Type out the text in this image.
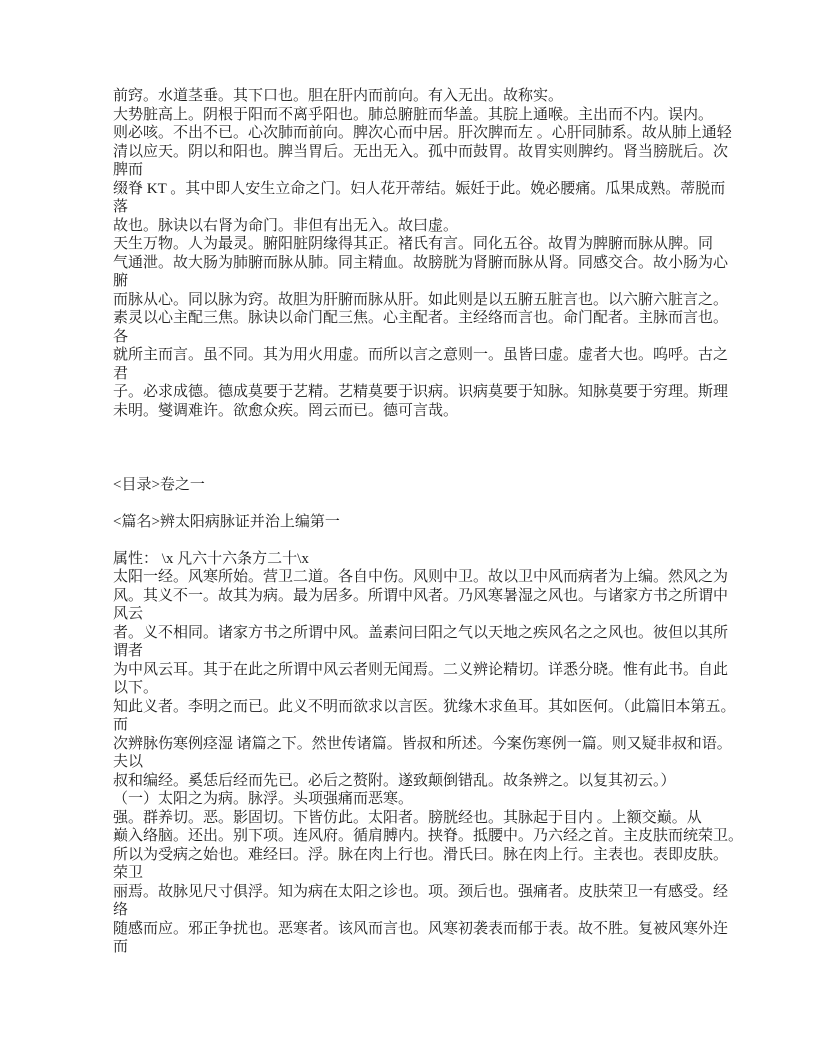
前窍。水道茎垂。其下口也。胆在肝内而前向。有入无出。故称实。
大势脏高上。阴根于阳而不离乎阳也。肺总腑脏而华盖。其脘上通喉。主出而不内。误内。
则必咳。不出不已。心次肺而前向。脾次心而中居。肝次脾而左 。心肝同肺系。故从肺上通轻
清以应天。阴以和阳也。脾当胃后。无出无入。孤中而鼓胃。故胃实则脾约。肾当膀胱后。次
脾而
缀脊 KT 。其中即人安生立命之门。妇人花开蒂结。娠妊于此。娩必腰痛。瓜果成熟。蒂脱而
落
故也。脉诀以右肾为命门。非但有出无入。故曰虚。
天生万物。人为最灵。腑阳脏阴缘得其正。褚氏有言。同化五谷。故胃为脾腑而脉从脾。同
气通泄。故大肠为肺腑而脉从肺。同主精血。故膀胱为肾腑而脉从肾。同感交合。故小肠为心
腑
而脉从心。同以脉为窍。故胆为肝腑而脉从肝。如此则是以五腑五脏言也。以六腑六脏言之。
素灵以心主配三焦。脉诀以命门配三焦。心主配者。主经络而言也。命门配者。主脉而言也。
各
就所主而言。虽不同。其为用火用虚。而所以言之意则一。虽皆曰虚。虚者大也。呜呼。古之
君
子。必求成德。德成莫要于艺精。艺精莫要于识病。识病莫要于知脉。知脉莫要于穷理。斯理
未明。燮调难许。欲愈众疾。罔云而已。德可言哉。
<目录>卷之一
<篇名>辨太阳病脉证并治上编第一
属性： \x 凡六十六条方二十\x
太阳一经。风寒所始。营卫二道。各自中伤。风则中卫。故以卫中风而病者为上编。然风之为
风。其义不一。故其为病。最为居多。所谓中风者。乃风寒暑湿之风也。与诸家方书之所谓中
风云
者。义不相同。诸家方书之所谓中风。盖素问曰阳之气以天地之疾风名之之风也。彼但以其所
谓者
为中风云耳。其于在此之所谓中风云者则无闻焉。二义辨论精切。详悉分晓。惟有此书。自此
以下。
知此义者。李明之而已。此义不明而欲求以言医。犹缘木求鱼耳。其如医何。（此篇旧本第五。
而
次辨脉伤寒例痉湿 诸篇之下。然世传诸篇。皆叔和所述。今案伤寒例一篇。则又疑非叔和语。
夫以
叔和编经。奚恁后经而先已。必后之赘附。遂致颠倒错乱。故条辨之。以复其初云。）
（一）太阳之为病。脉浮。头项强痛而恶寒。
强。群养切。恶。影固切。下皆仿此。太阳者。膀胱经也。其脉起于目内 。上额交巅。从
巅入络脑。还出。别下项。连风府。循肩膊内。挟脊。抵腰中。乃六经之首。主皮肤而统荣卫。
所以为受病之始也。难经曰。浮。脉在肉上行也。滑氏曰。脉在肉上行。主表也。表即皮肤。
荣卫
丽焉。故脉见尺寸俱浮。知为病在太阳之诊也。项。颈后也。强痛者。皮肤荣卫一有感受。经
络
随感而应。邪正争扰也。恶寒者。该风而言也。风寒初袭表而郁于表。故不胜。复被风寒外迕
而
